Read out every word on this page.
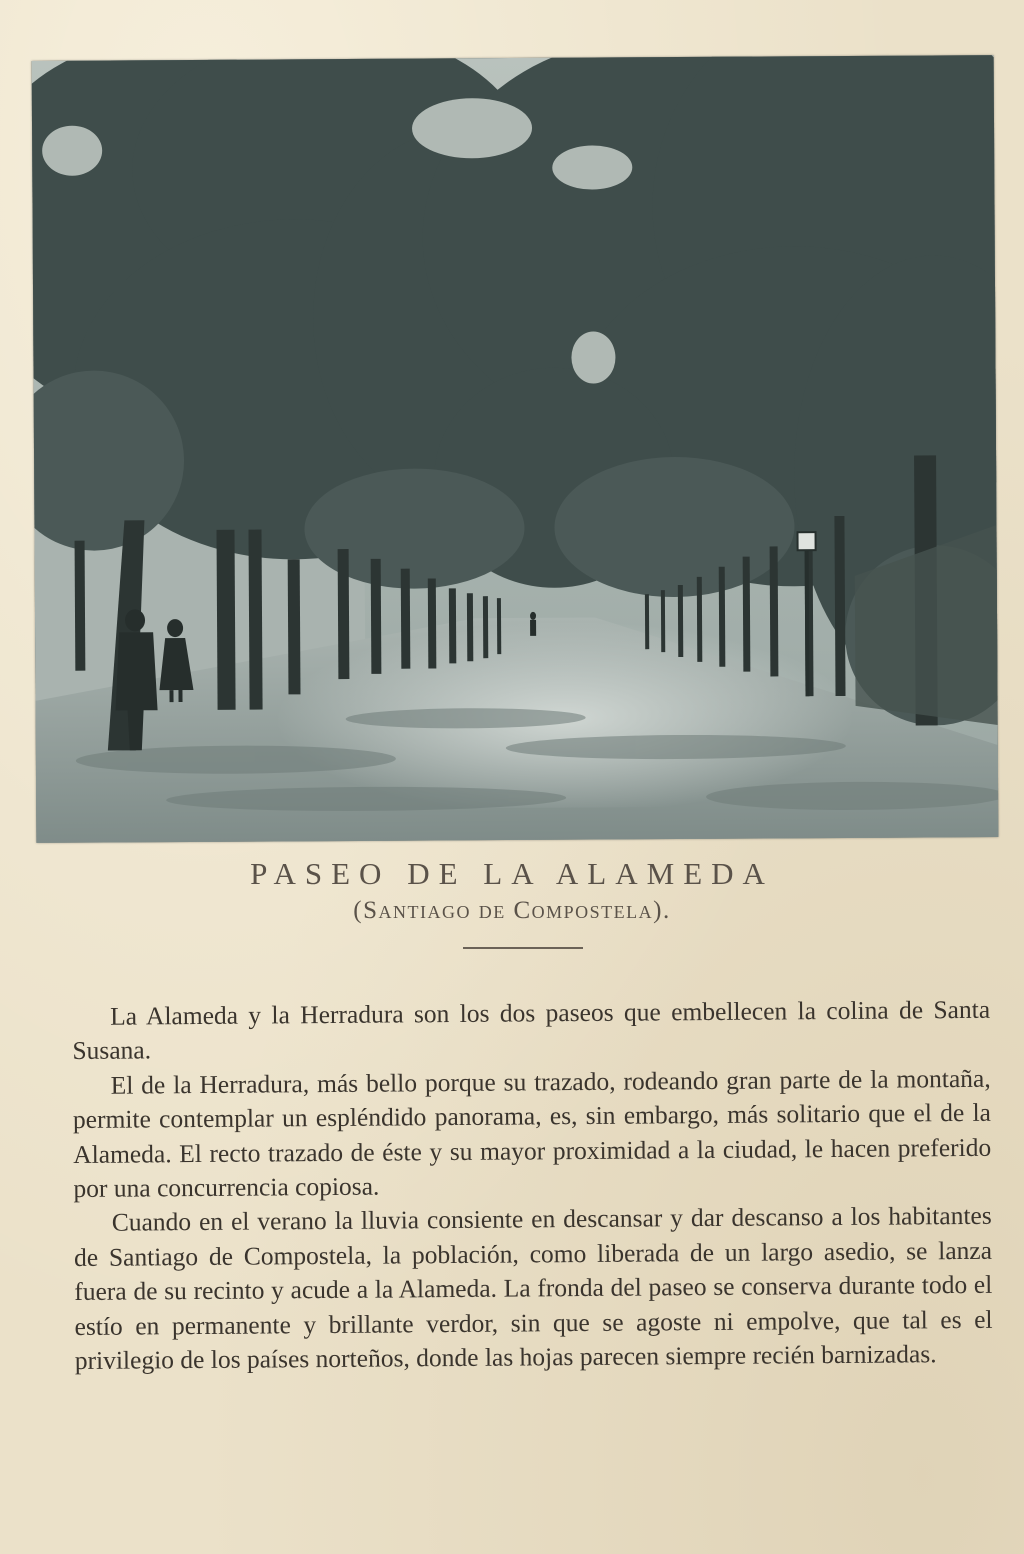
PASEO DE LA ALAMEDA
(Santiago de Compostela).

La Alameda y la Herradura son los dos paseos que embellecen la colina de Santa Susana.

El de la Herradura, más bello porque su trazado, rodeando gran parte de la montaña, permite contemplar un espléndido panorama, es, sin embargo, más solitario que el de la Alameda. El recto trazado de éste y su mayor proximidad a la ciudad, le hacen preferido por una concurrencia copiosa.

Cuando en el verano la lluvia consiente en descansar y dar descanso a los habitantes de Santiago de Compostela, la población, como liberada de un largo asedio, se lanza fuera de su recinto y acude a la Alameda. La fronda del paseo se conserva durante todo el estío en permanente y brillante verdor, sin que se agoste ni empolve, que tal es el privilegio de los países norteños, donde las hojas parecen siempre recién barnizadas.
